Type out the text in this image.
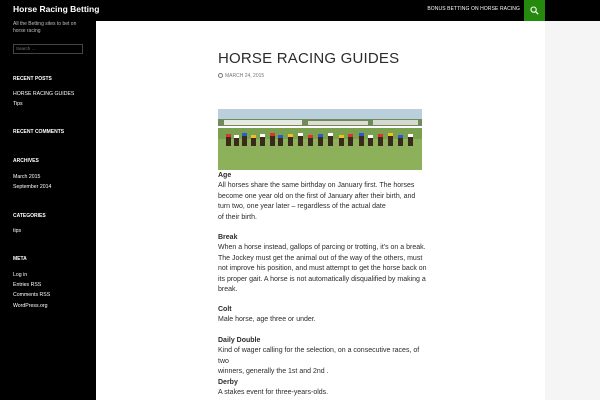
Horse Racing Betting	BONUS BETTING ON HORSE RACING
All the Betting sites to bet on horse racing
Search …
RECENT POSTS
HORSE RACING GUIDES
Tips
RECENT COMMENTS
ARCHIVES
March 2015
September 2014
CATEGORIES
tips
META
Log in
Entries RSS
Comments RSS
WordPress.org
HORSE RACING GUIDES
MARCH 24, 2015
Age
All horses share the same birthday on January first. The horses
become one year old on the first of January after their birth, and
turn two, one year later – regardless of the actual date
of their birth.
Break
When a horse instead, gallops of parcing or trotting, it's on a break.
The Jockey must get the animal out of the way of the others, must
not improve his position, and must attempt to get the horse back on
its proper gait. A horse is not automatically disqualified by making a
break.
Colt
Male horse, age three or under.
Daily Double
Kind of wager calling for the selection, on a consecutive races, of two
winners, generally the 1st and 2nd .
Derby
A stakes event for three-years-olds.
